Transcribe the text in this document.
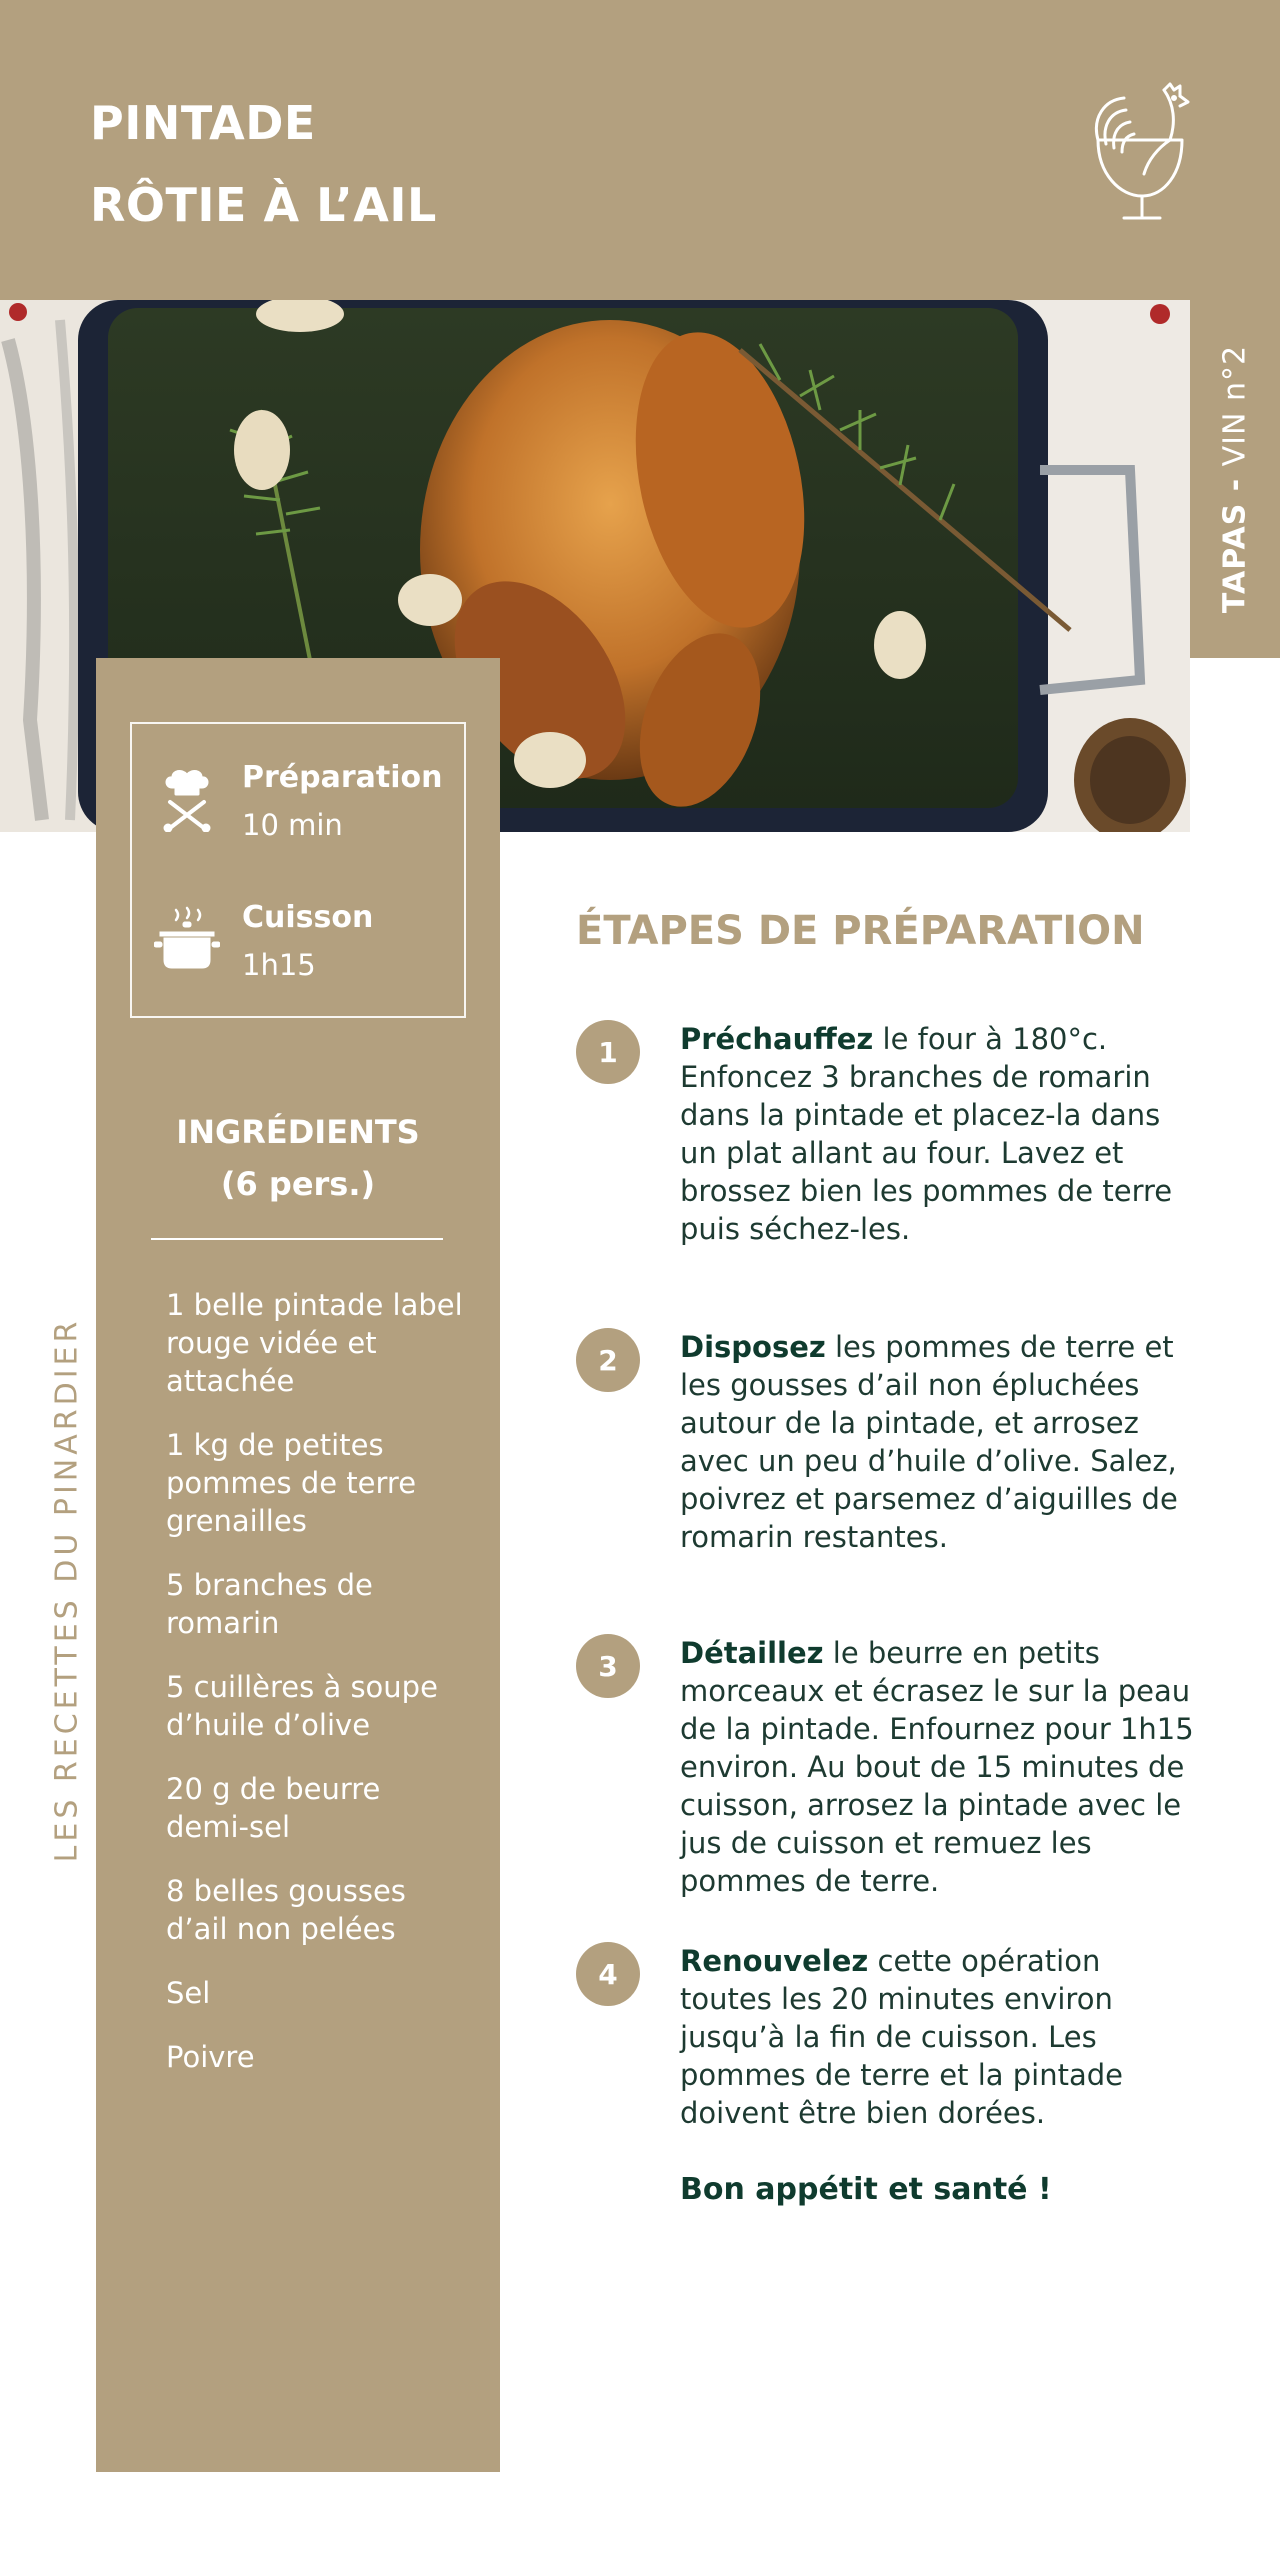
PINTADE
RÔTIE À L’AIL
TAPAS - VIN n°2
LES RECETTES DU PINARDIER
Préparation
10 min
Cuisson
1h15
INGRÉDIENTS
(6 pers.)
1 belle pintade label rouge vidée et attachée
1 kg de petites pommes de terre grenailles
5 branches de romarin
5 cuillères à soupe d’huile d’olive
20 g de beurre demi-sel
8 belles gousses d’ail non pelées
Sel
Poivre
ÉTAPES DE PRÉPARATION
1	Préchauffez le four à 180°c. Enfoncez 3 branches de romarin dans la pintade et placez-la dans un plat allant au four. Lavez et brossez bien les pommes de terre puis séchez-les.
2	Disposez les pommes de terre et les gousses d’ail non épluchées autour de la pintade, et arrosez avec un peu d’huile d’olive. Salez, poivrez et parsemez d’aiguilles de romarin restantes.
3	Détaillez le beurre en petits morceaux et écrasez le sur la peau de la pintade. Enfournez pour 1h15 environ. Au bout de 15 minutes de cuisson, arrosez la pintade avec le jus de cuisson et remuez les pommes de terre.
4	Renouvelez cette opération toutes les 20 minutes environ jusqu’à la fin de cuisson. Les pommes de terre et la pintade doivent être bien dorées.
Bon appétit et santé !
